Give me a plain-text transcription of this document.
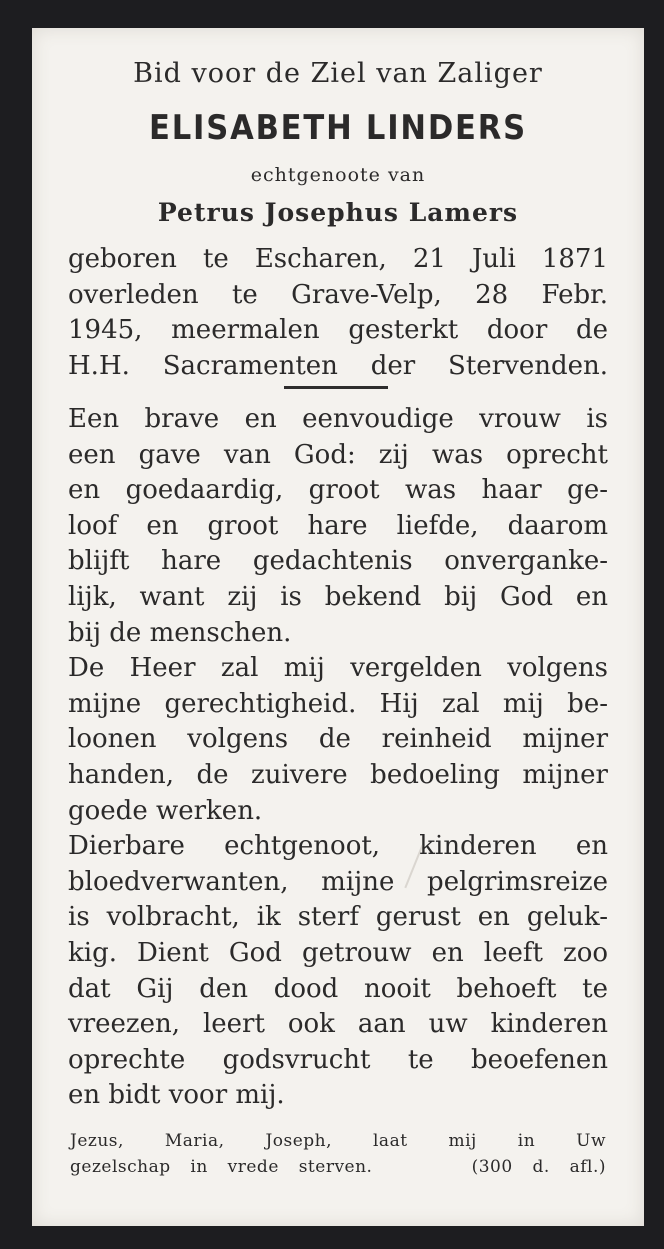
Bid voor de Ziel van Zaliger
ELISABETH LINDERS
echtgenoote van
Petrus Josephus Lamers
geboren te Escharen, 21 Juli 1871
overleden te Grave-Velp, 28 Febr.
1945, meermalen gesterkt door de
H.H. Sacramenten der Stervenden.
Een brave en eenvoudige vrouw is
een gave van God: zij was oprecht
en goedaardig, groot was haar ge-
loof en groot hare liefde, daarom
blijft hare gedachtenis onvergankе-
lijk, want zij is bekend bij God en
bij de menschen.
De Heer zal mij vergelden volgens
mijne gerechtigheid. Hij zal mij be-
loonen volgens de reinheid mijner
handen, de zuivere bedoeling mijner
goede werken.
Dierbare echtgenoot, kinderen en
bloedverwanten, mijne pelgrimsreize
is volbracht, ik sterf gerust en geluk-
kig. Dient God getrouw en leeft zoo
dat Gij den dood nooit behoeft te
vreezen, leert ook aan uw kinderen
oprechte godsvrucht te beoefenen
en bidt voor mij.
Jezus, Maria, Joseph, laat mij in Uw
gezelschap in vrede sterven.     (300 d. afl.)
